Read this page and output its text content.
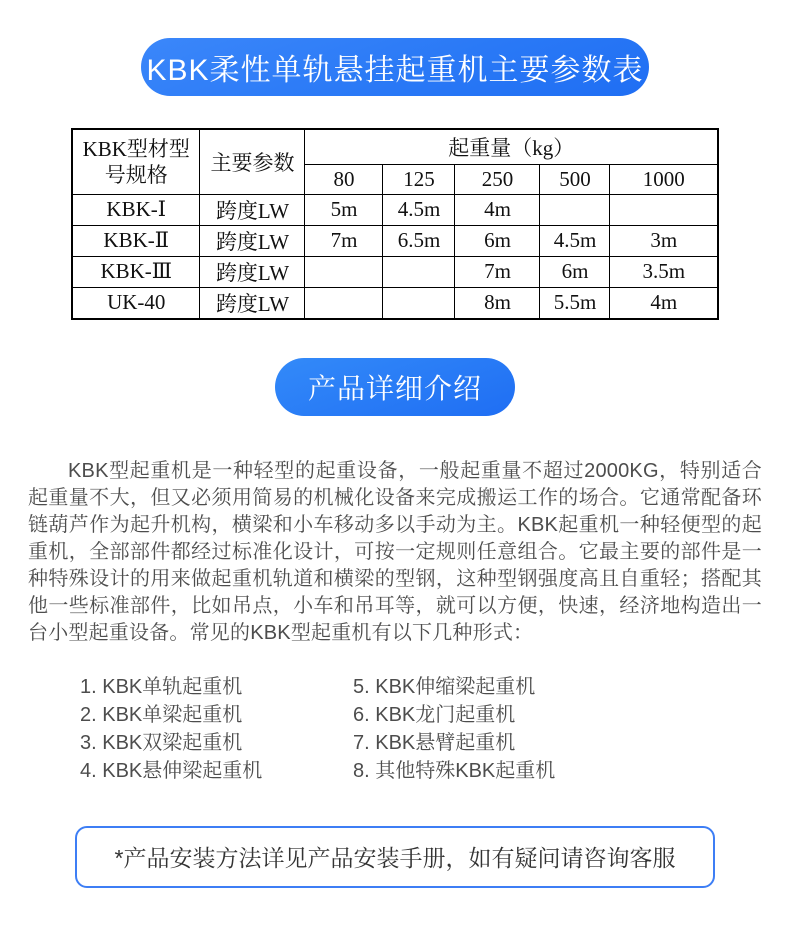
KBK柔性单轨悬挂起重机主要参数表
KBK型材型
号规格	主要参数	起重量（kg）				
		80	125	250	500	1000
KBK-Ⅰ	跨度LW	5m	4.5m	4m		
KBK-Ⅱ	跨度LW	7m	6.5m	6m	4.5m	3m
KBK-Ⅲ	跨度LW			7m	6m	3.5m
UK-40	跨度LW			8m	5.5m	4m
产品详细介绍

KBK型起重机是一种轻型的起重设备，一般起重量不超过2000KG，特别适合起重量不大，但又必须用简易的机械化设备来完成搬运工作的场合。它通常配备环链葫芦作为起升机构，横梁和小车移动多以手动为主。KBK起重机一种轻便型的起重机，全部部件都经过标准化设计，可按一定规则任意组合。它最主要的部件是一种特殊设计的用来做起重机轨道和横梁的型钢，这种型钢强度高且自重轻；搭配其他一些标准部件，比如吊点，小车和吊耳等，就可以方便，快速，经济地构造出一台小型起重设备。常见的KBK型起重机有以下几种形式：

1. KBK单轨起重机
2. KBK单梁起重机
3. KBK双梁起重机
4. KBK悬伸梁起重机
5. KBK伸缩梁起重机
6. KBK龙门起重机
7. KBK悬臂起重机
8. 其他特殊KBK起重机
*产品安装方法详见产品安装手册，如有疑问请咨询客服
